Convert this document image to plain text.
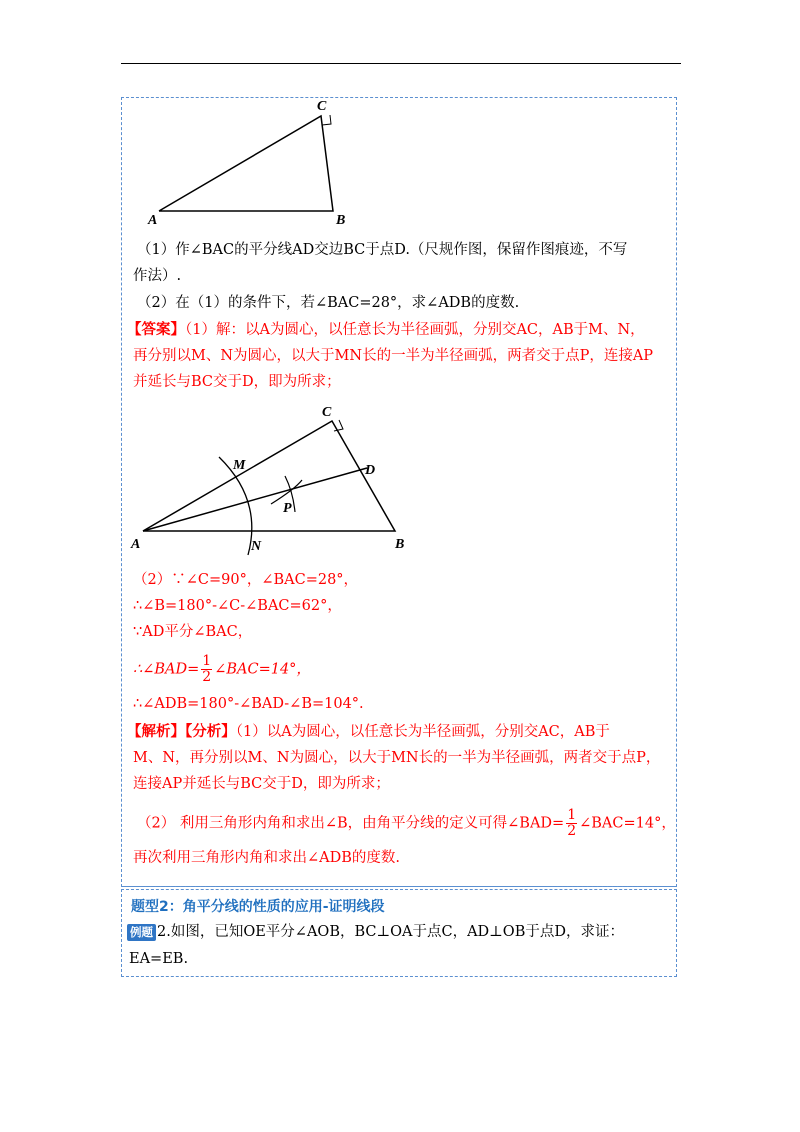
A	B
C
（1）作∠BAC的平分线AD交边BC于点D.（尺规作图，保留作图痕迹，不写
作法）.
（2）在（1）的条件下，若∠BAC=28°，求∠ADB的度数.
【答案】（1）解：以A为圆心，以任意长为半径画弧，分别交AC，AB于M、N，
再分别以M、N为圆心，以大于MN长的一半为半径画弧，两者交于点P，连接AP
并延长与BC交于D，即为所求；
A	B
C
D
M
N
P
（2）∵∠C=90°，∠BAC=28°，
∴∠B=180°-∠C-∠BAC=62°，
∵AD平分∠BAC，
∴∠BAD= $\frac{1}{2}$ ∠BAC=14°，
∴∠ADB=180°-∠BAD-∠B=104°.
【解析】【分析】（1）以A为圆心，以任意长为半径画弧，分别交AC，AB于
M、N，再分别以M、N为圆心，以大于MN长的一半为半径画弧，两者交于点P，
连接AP并延长与BC交于D，即为所求；
（2） 利用三角形内角和求出∠B，由角平分线的定义可得∠BAD= $\frac{1}{2}$ ∠BAC=14°，
再次利用三角形内角和求出∠ADB的度数.
题型2：角平分线的性质的应用-证明线段
例题 2.如图，已知OE平分∠AOB，BC⊥OA于点C，AD⊥OB于点D，求证：
EA=EB.
